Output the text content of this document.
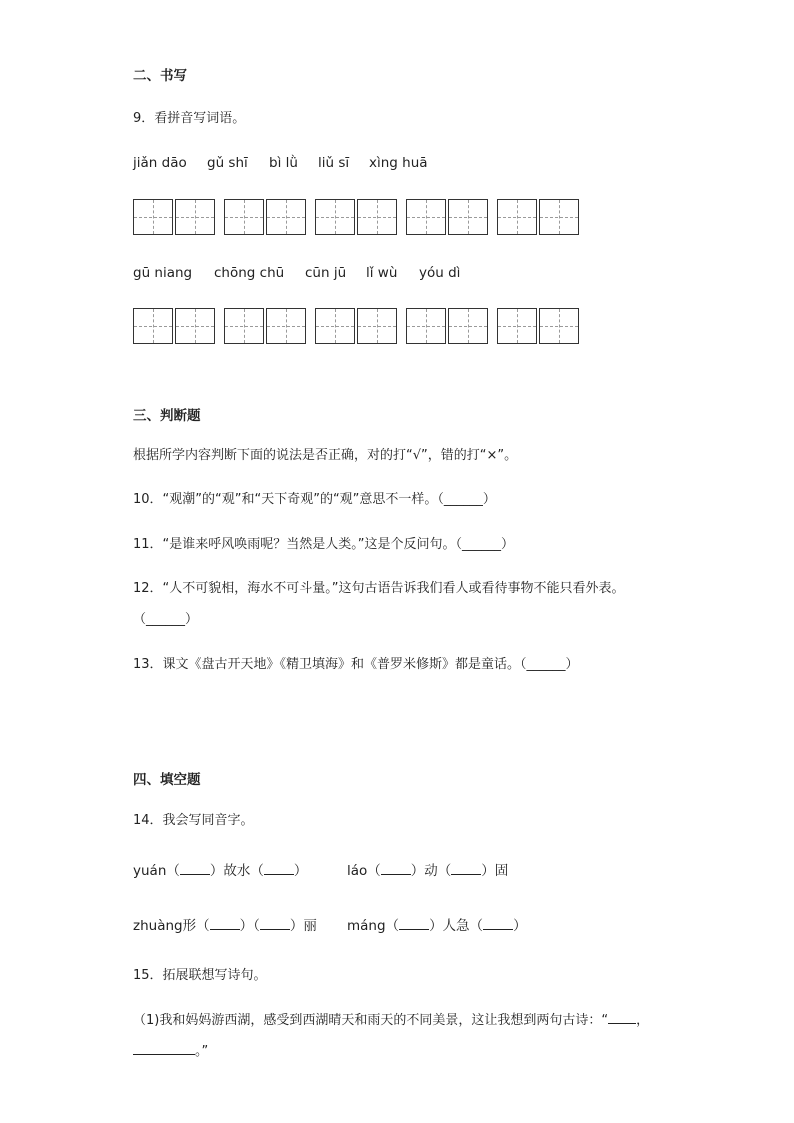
二、书写
9．看拼音写词语。
jiǎn dāo gǔ shī bì lǜ liǔ sī xìng huā
gū niang chōng chū cūn jū lǐ wù yóu dì
三、判断题
根据所学内容判断下面的说法是否正确，对的打“√”，错的打“×”。
10．“观潮”的“观”和“天下奇观”的“观”意思不一样。（______）
11．“是谁来呼风唤雨呢？当然是人类。”这是个反问句。（______）
12．“人不可貌相，海水不可斗量。”这句古语告诉我们看人或看待事物不能只看外表。
（______）
13．课文《盘古开天地》《精卫填海》和《普罗米修斯》都是童话。（______）
四、填空题
14．我会写同音字。
yuán（ ）故水（ ）	láo（ ）动（ ）固
zhuàng形（ ）（ ）丽 máng（ ）人急（ ）
15．拓展联想写诗句。
（1)我和妈妈游西湖，感受到西湖晴天和雨天的不同美景，这让我想到两句古诗：“ ，
。”
